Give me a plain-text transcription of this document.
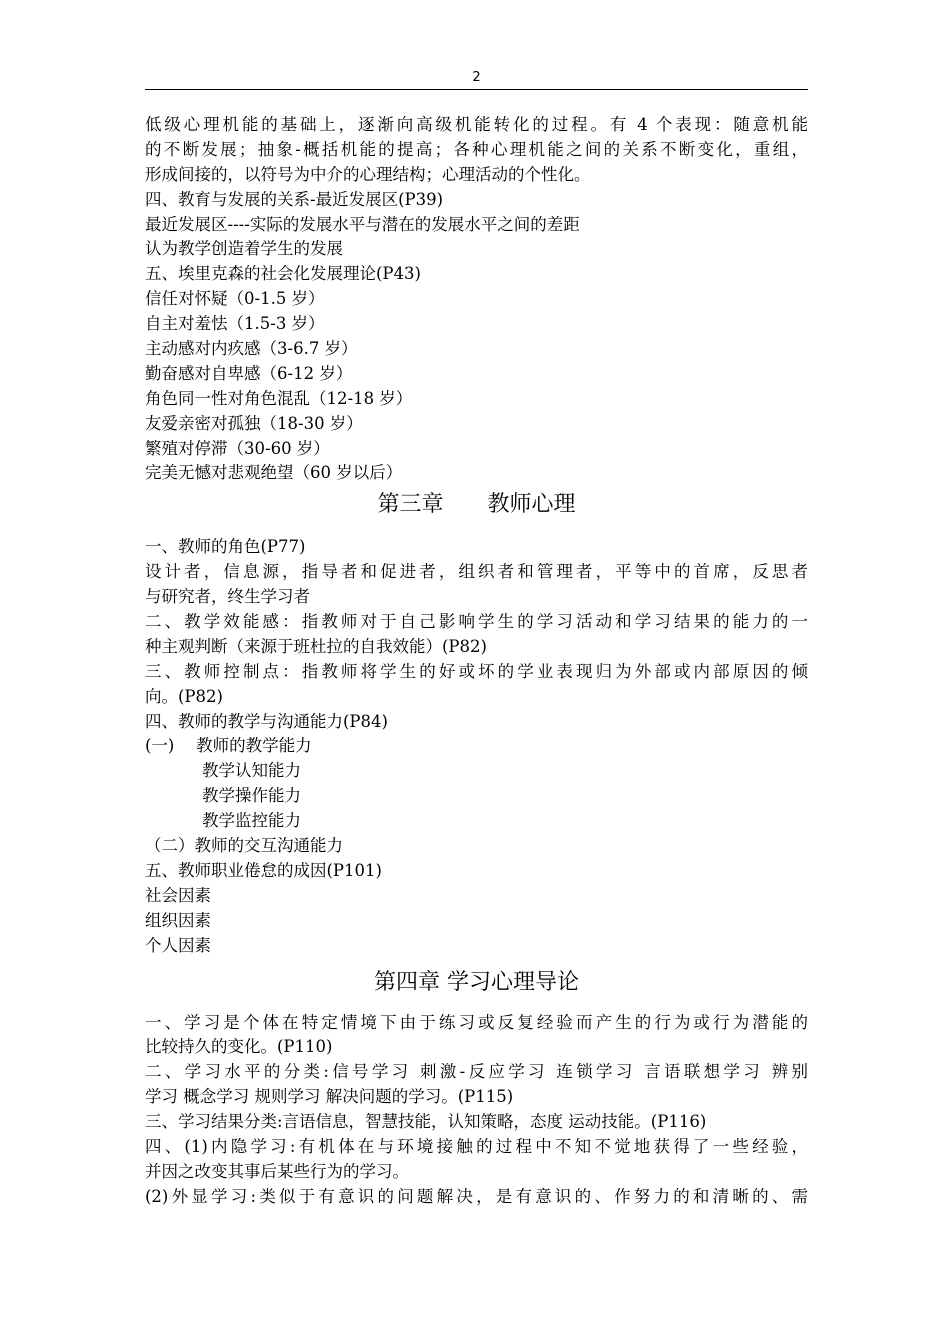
2
低级心理机能的基础上，逐渐向高级机能转化的过程。有 4 个表现：随意机能
的不断发展；抽象-概括机能的提高；各种心理机能之间的关系不断变化，重组，
形成间接的，以符号为中介的心理结构；心理活动的个性化。
四、教育与发展的关系-最近发展区(P39)
最近发展区----实际的发展水平与潜在的发展水平之间的差距
认为教学创造着学生的发展
五、埃里克森的社会化发展理论(P43)
信任对怀疑（0-1.5 岁）
自主对羞怯（1.5-3 岁）
主动感对内疚感（3-6.7 岁）
勤奋感对自卑感（6-12 岁）
角色同一性对角色混乱（12-18 岁）
友爱亲密对孤独（18-30 岁）
繁殖对停滞（30-60 岁）
完美无憾对悲观绝望（60 岁以后）
第三章　　教师心理
一、教师的角色(P77)
设计者，信息源，指导者和促进者，组织者和管理者，平等中的首席，反思者
与研究者，终生学习者
二、教学效能感：指教师对于自己影响学生的学习活动和学习结果的能力的一
种主观判断（来源于班杜拉的自我效能）(P82)
三、教师控制点：指教师将学生的好或坏的学业表现归为外部或内部原因的倾
向。(P82)
四、教师的教学与沟通能力(P84)
(一)　 教师的教学能力
教学认知能力
教学操作能力
教学监控能力
（二）教师的交互沟通能力
五、教师职业倦怠的成因(P101)
社会因素
组织因素
个人因素
第四章 学习心理导论
一、学习是个体在特定情境下由于练习或反复经验而产生的行为或行为潜能的
比较持久的变化。(P110)
二、学习水平的分类:信号学习 刺激-反应学习 连锁学习 言语联想学习 辨别
学习 概念学习 规则学习 解决问题的学习。(P115)
三、学习结果分类:言语信息，智慧技能，认知策略，态度 运动技能。(P116)
四、(1)内隐学习:有机体在与环境接触的过程中不知不觉地获得了一些经验，
并因之改变其事后某些行为的学习。
(2)外显学习:类似于有意识的问题解决，是有意识的、作努力的和清晰的、需
